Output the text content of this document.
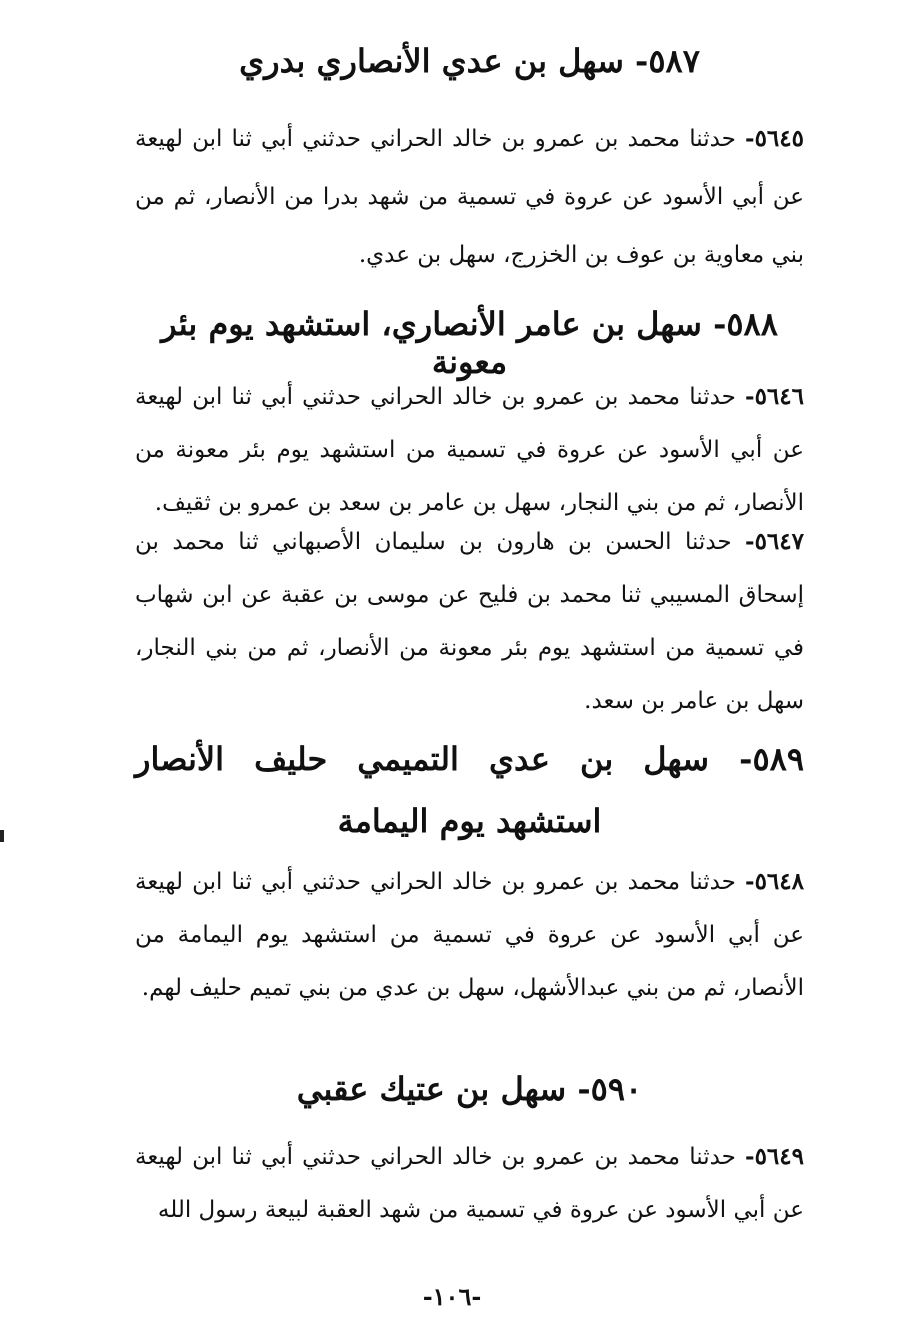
٥٨٧- سهل بن عدي الأنصاري بدري

٥٦٤٥- حدثنا محمد بن عمرو بن خالد الحراني حدثني أبي ثنا ابن لهيعة عن أبي الأسود عن عروة في تسمية من شهد بدرا من الأنصار، ثم من بني معاوية بن عوف بن الخزرج، سهل بن عدي.

٥٨٨- سهل بن عامر الأنصاري، استشهد يوم بئر معونة

٥٦٤٦- حدثنا محمد بن عمرو بن خالد الحراني حدثني أبي ثنا ابن لهيعة عن أبي الأسود عن عروة في تسمية من استشهد يوم بئر معونة من الأنصار، ثم من بني النجار، سهل بن عامر بن سعد بن عمرو بن ثقيف.

٥٦٤٧- حدثنا الحسن بن هارون بن سليمان الأصبهاني ثنا محمد بن إسحاق المسيبي ثنا محمد بن فليح عن موسى بن عقبة عن ابن شهاب في تسمية من استشهد يوم بئر معونة من الأنصار، ثم من بني النجار، سهل بن عامر بن سعد.

٥٨٩- سهل بن عدي التميمي حليف الأنصار استشهد يوم اليمامة

٥٦٤٨- حدثنا محمد بن عمرو بن خالد الحراني حدثني أبي ثنا ابن لهيعة عن أبي الأسود عن عروة في تسمية من استشهد يوم اليمامة من الأنصار، ثم من بني عبدالأشهل، سهل بن عدي من بني تميم حليف لهم.

٥٩٠- سهل بن عتيك عقبي

٥٦٤٩- حدثنا محمد بن عمرو بن خالد الحراني حدثني أبي ثنا ابن لهيعة عن أبي الأسود عن عروة في تسمية من شهد العقبة لبيعة رسول الله

-١٠٦-
